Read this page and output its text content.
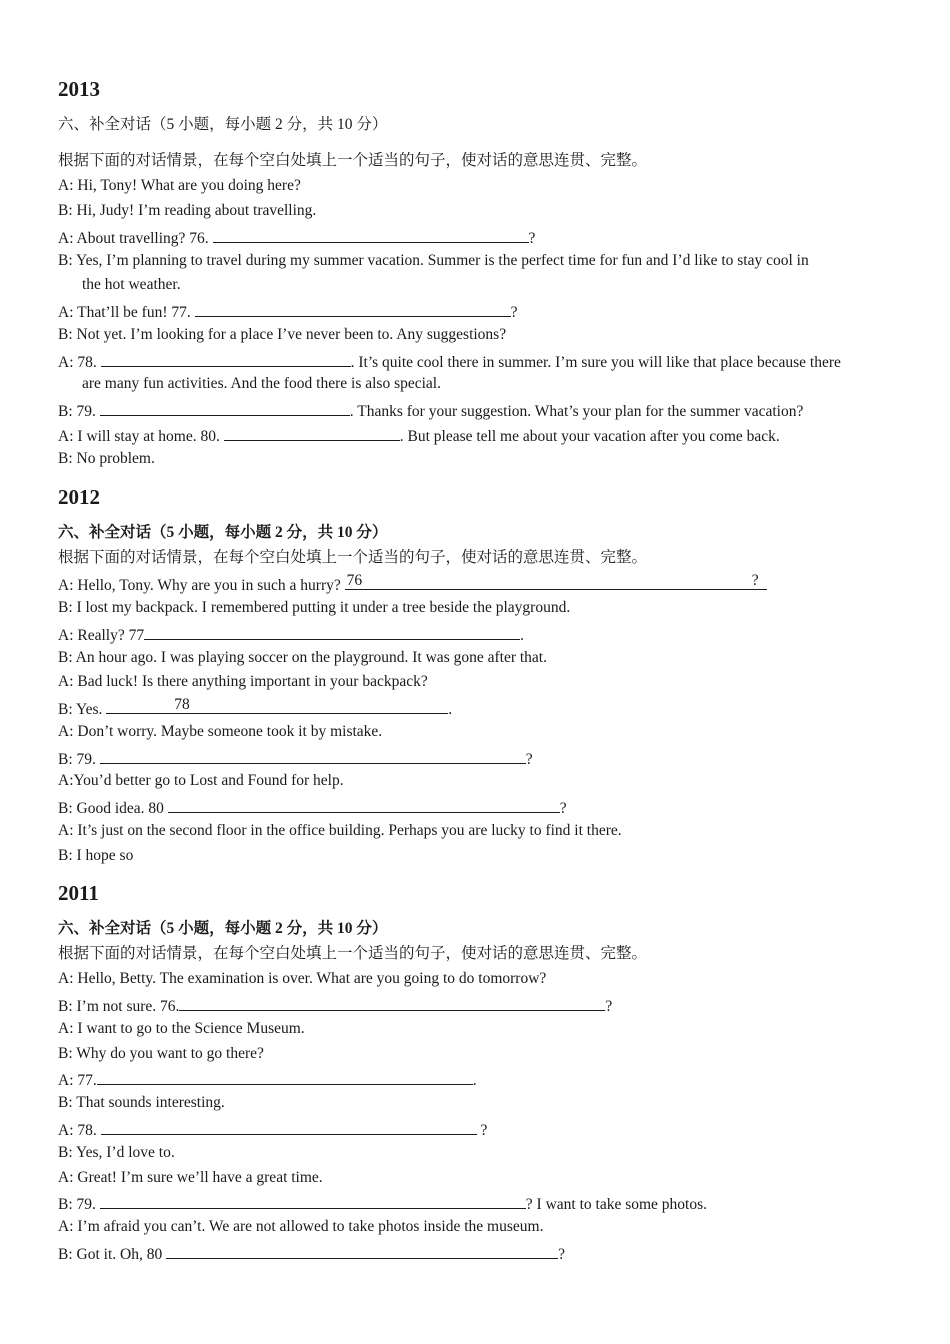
2013
六、补全对话（5 小题，每小题 2 分，共 10 分）
根据下面的对话情景，在每个空白处填上一个适当的句子，使对话的意思连贯、完整。
A: Hi, Tony! What are you doing here?
B: Hi, Judy! I’m reading about travelling.
A: About travelling? 76.	?
B: Yes, I’m planning to travel during my summer vacation. Summer is the perfect time for fun and I’d like to stay cool in
the hot weather.
A: That’ll be fun! 77.	?
B: Not yet. I’m looking for a place I’ve never been to. Any suggestions?
A: 78.	. It’s quite cool there in summer. I’m sure you will like that place because there
are many fun activities. And the food there is also special.
B: 79.	. Thanks for your suggestion. What’s your plan for the summer vacation?
A: I will stay at home. 80.	. But please tell me about your vacation after you come back.
B: No problem.
2012
六、补全对话（5 小题，每小题 2 分，共 10 分）
根据下面的对话情景，在每个空白处填上一个适当的句子，使对话的意思连贯、完整。
A: Hello, Tony. Why are you in such a hurry? 76	?
B: I lost my backpack. I remembered putting it under a tree beside the playground.
A: Really? 77	.
B: An hour ago. I was playing soccer on the playground. It was gone after that.
A: Bad luck! Is there anything important in your backpack?
B: Yes.	78	.
A: Don’t worry. Maybe someone took it by mistake.
B: 79.	?
A:You’d better go to Lost and Found for help.
B: Good idea. 80	?
A: It’s just on the second floor in the office building. Perhaps you are lucky to find it there.
B: I hope so
2011
六、补全对话（5 小题，每小题 2 分，共 10 分）
根据下面的对话情景，在每个空白处填上一个适当的句子，使对话的意思连贯、完整。
A: Hello, Betty. The examination is over. What are you going to do tomorrow?
B: I’m not sure. 76.	?
A: I want to go to the Science Museum.
B: Why do you want to go there?
A: 77.	.
B: That sounds interesting.
A: 78.	?
B: Yes, I’d love to.
A: Great! I’m sure we’ll have a great time.
B: 79.	? I want to take some photos.
A: I’m afraid you can’t. We are not allowed to take photos inside the museum.
B: Got it. Oh, 80	?
